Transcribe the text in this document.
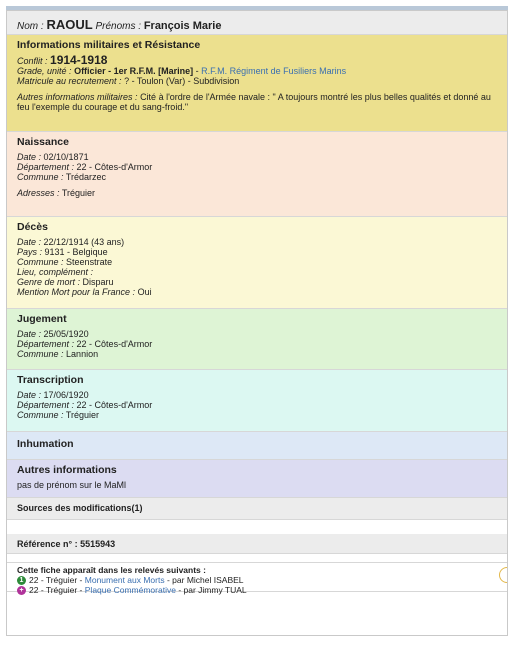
Nom : RAOUL Prénoms : François Marie
Informations militaires et Résistance
Conflit : 1914-1918
Grade, unité : Officier - 1er R.F.M. [Marine] - R.F.M. Régiment de Fusiliers Marins
Matricule au recrutement : ? - Toulon (Var) - Subdivision
Autres informations militaires : Cité à l'ordre de l'Armée navale : " A toujours montré les plus belles qualités et donné au feu l'exemple du courage et du sang-froid."
Naissance
Date : 02/10/1871
Département : 22 - Côtes-d'Armor
Commune : Trédarzec
Adresses : Tréguier
Décès
Date : 22/12/1914 (43 ans)
Pays : 9131 - Belgique
Commune : Steenstrate
Lieu, complément :
Genre de mort : Disparu
Mention Mort pour la France : Oui
Jugement
Date : 25/05/1920
Département : 22 - Côtes-d'Armor
Commune : Lannion
Transcription
Date : 17/06/1920
Département : 22 - Côtes-d'Armor
Commune : Tréguier
Inhumation
Autres informations
pas de prénom sur le MaMl
Sources des modifications(1)
Référence n° : 5515943
Cette fiche apparaît dans les relevés suivants :
1 22 - Tréguier -
Monument aux Morts
- par Michel ISABEL
+ 22 - Tréguier -
Plaque Commémorative
- par Jimmy TUAL
